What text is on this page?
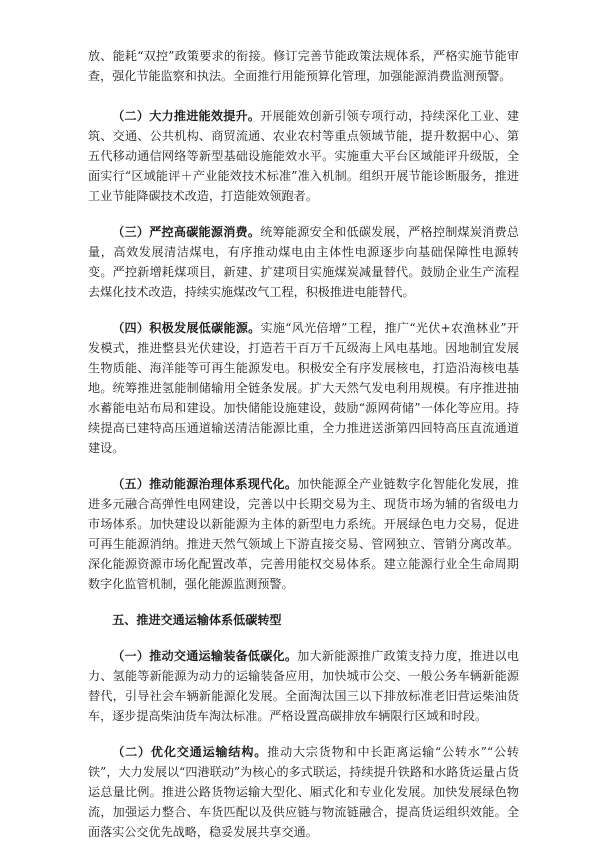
放、能耗“双控”政策要求的衔接。修订完善节能政策法规体系，严格实施节能审查，强化节能监察和执法。全面推行用能预算化管理，加强能源消费监测预警。

（二）大力推进能效提升。开展能效创新引领专项行动，持续深化工业、建筑、交通、公共机构、商贸流通、农业农村等重点领域节能，提升数据中心、第五代移动通信网络等新型基础设施能效水平。实施重大平台区域能评升级版，全面实行“区域能评＋产业能效技术标准”准入机制。组织开展节能诊断服务，推进工业节能降碳技术改造，打造能效领跑者。

（三）严控高碳能源消费。统筹能源安全和低碳发展，严格控制煤炭消费总量，高效发展清洁煤电，有序推动煤电由主体性电源逐步向基础保障性电源转变。严控新增耗煤项目，新建、扩建项目实施煤炭减量替代。鼓励企业生产流程去煤化技术改造，持续实施煤改气工程，积极推进电能替代。

（四）积极发展低碳能源。实施“风光倍增”工程，推广“光伏+农渔林业”开发模式，推进整县光伏建设，打造若干百万千瓦级海上风电基地。因地制宜发展生物质能、海洋能等可再生能源发电。积极安全有序发展核电，打造沿海核电基地。统筹推进氢能制储输用全链条发展。扩大天然气发电利用规模。有序推进抽水蓄能电站布局和建设。加快储能设施建设，鼓励“源网荷储”一体化等应用。持续提高已建特高压通道输送清洁能源比重，全力推进送浙第四回特高压直流通道建设。

（五）推动能源治理体系现代化。加快能源全产业链数字化智能化发展，推进多元融合高弹性电网建设，完善以中长期交易为主、现货市场为辅的省级电力市场体系。加快建设以新能源为主体的新型电力系统。开展绿色电力交易，促进可再生能源消纳。推进天然气领域上下游直接交易、管网独立、管销分离改革。深化能源资源市场化配置改革，完善用能权交易体系。建立能源行业全生命周期数字化监管机制，强化能源监测预警。

五、推进交通运输体系低碳转型

（一）推动交通运输装备低碳化。加大新能源推广政策支持力度，推进以电力、氢能等新能源为动力的运输装备应用，加快城市公交、一般公务车辆新能源替代，引导社会车辆新能源化发展。全面淘汰国三以下排放标准老旧营运柴油货车，逐步提高柴油货车淘汰标准。严格设置高碳排放车辆限行区域和时段。

（二）优化交通运输结构。推动大宗货物和中长距离运输“公转水”“公转铁”，大力发展以“四港联动”为核心的多式联运，持续提升铁路和水路货运量占货运总量比例。推进公路货物运输大型化、厢式化和专业化发展。加快发展绿色物流，加强运力整合、车货匹配以及供应链与物流链融合，提高货运组织效能。全面落实公交优先战略，稳妥发展共享交通。
